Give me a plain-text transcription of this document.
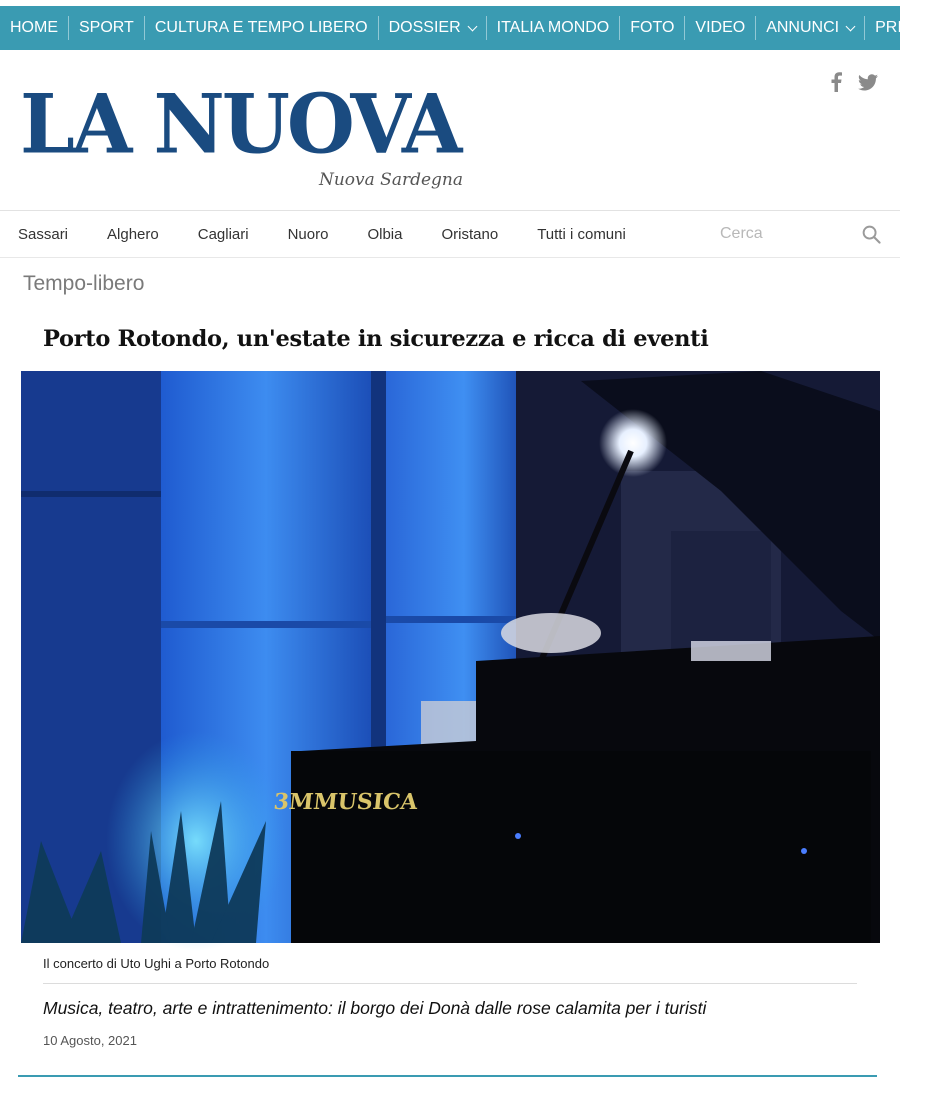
HOME SPORT CULTURA E TEMPO LIBERO DOSSIER ITALIA MONDO FOTO VIDEO ANNUNCI PRIMA
LA NUOVA
Nuova Sardegna
Sassari	Alghero	Cagliari	Nuoro	Olbia	Oristano	Tutti i comuni
Cerca
Tempo-libero
Porto Rotondo, un'estate in sicurezza e ricca di eventi
3MMUSICA
Il concerto di Uto Ughi a Porto Rotondo
Musica, teatro, arte e intrattenimento: il borgo dei Donà dalle rose calamita per i turisti
10 Agosto, 2021
